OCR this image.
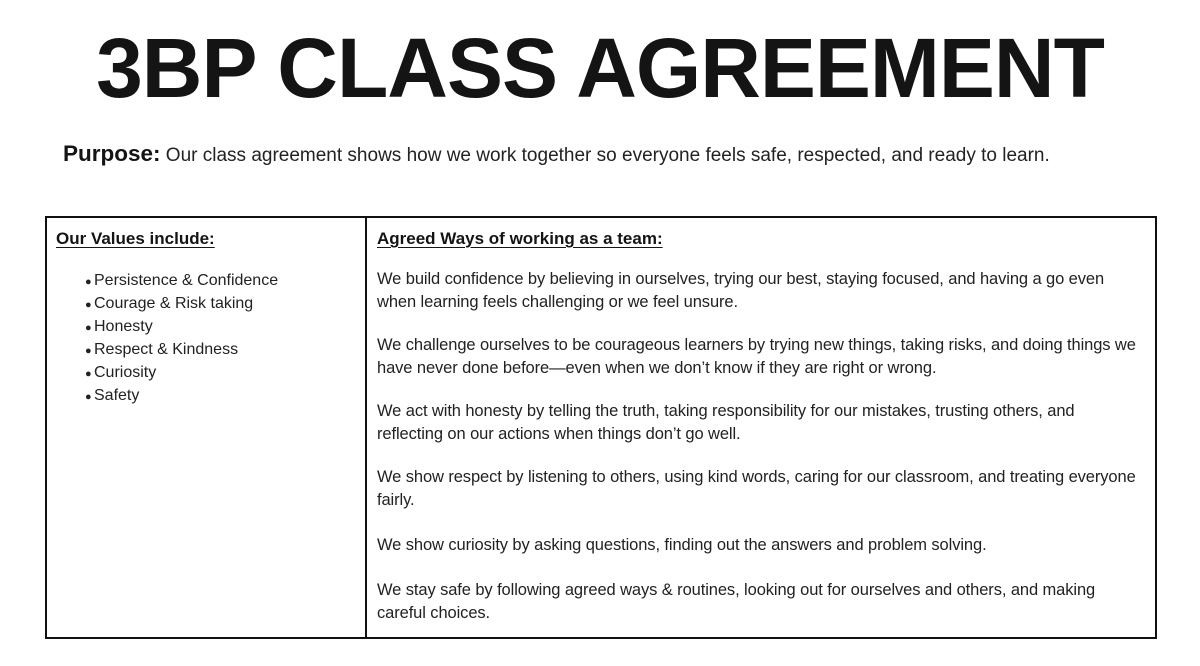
3BP CLASS AGREEMENT

Purpose: Our class agreement shows how we work together so everyone feels safe, respected, and ready to learn.

Our Values include:
● Persistence & Confidence
● Courage & Risk taking
● Honesty
● Respect & Kindness
● Curiosity
● Safety
Agreed Ways of working as a team:

We build confidence by believing in ourselves, trying our best, staying focused, and having a go even when learning feels challenging or we feel unsure.

We challenge ourselves to be courageous learners by trying new things, taking risks, and doing things we have never done before—even when we don’t know if they are right or wrong.

We act with honesty by telling the truth, taking responsibility for our mistakes, trusting others, and reflecting on our actions when things don’t go well.

We show respect by listening to others, using kind words, caring for our classroom, and treating everyone fairly.

We show curiosity by asking questions, finding out the answers and problem solving.

We stay safe by following agreed ways & routines, looking out for ourselves and others, and making careful choices.
